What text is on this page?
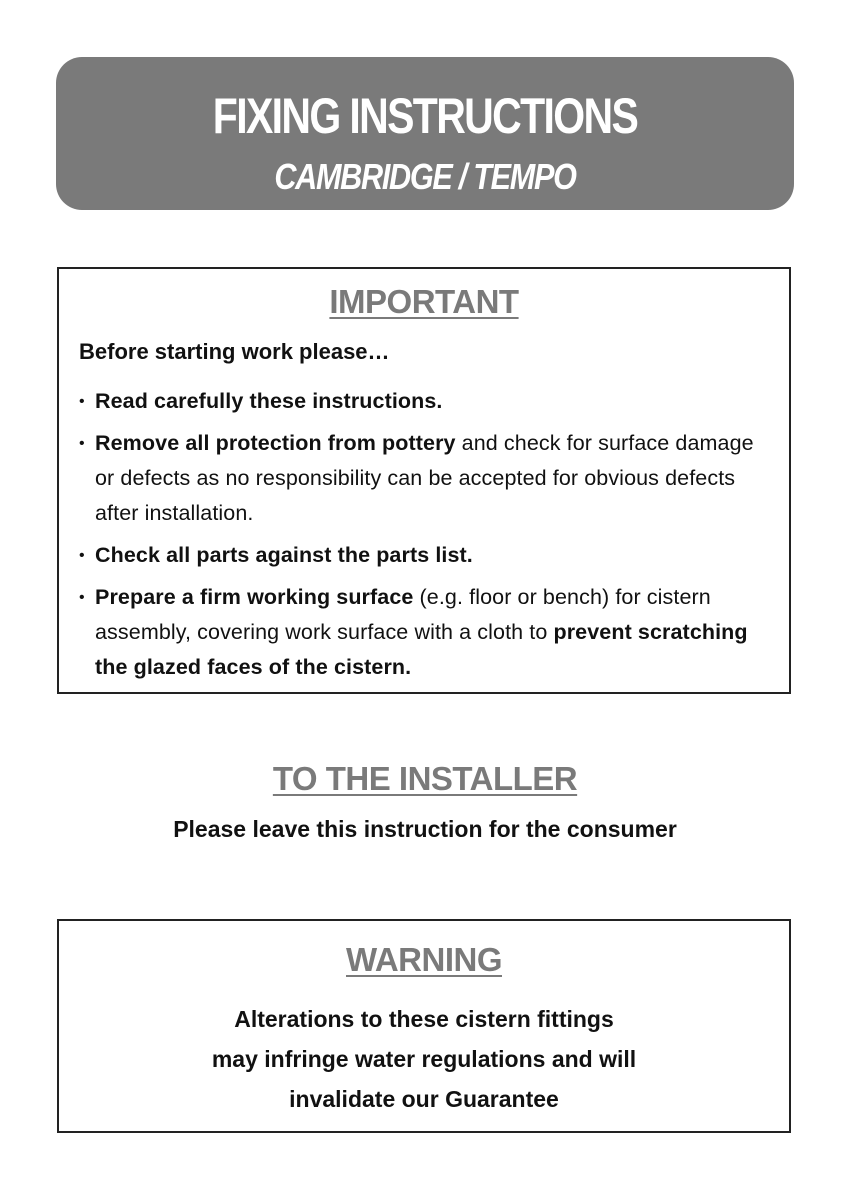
FIXING INSTRUCTIONS
CAMBRIDGE / TEMPO
IMPORTANT

Before starting work please…

• Read carefully these instructions.
• Remove all protection from pottery and check for surface damage or defects as no responsibility can be accepted for obvious defects after installation.
• Check all parts against the parts list.
• Prepare a firm working surface (e.g. floor or bench) for cistern assembly, covering work surface with a cloth to prevent scratching the glazed faces of the cistern.
TO THE INSTALLER

Please leave this instruction for the consumer

WARNING

Alterations to these cistern fittings
may infringe water regulations and will
invalidate our Guarantee
